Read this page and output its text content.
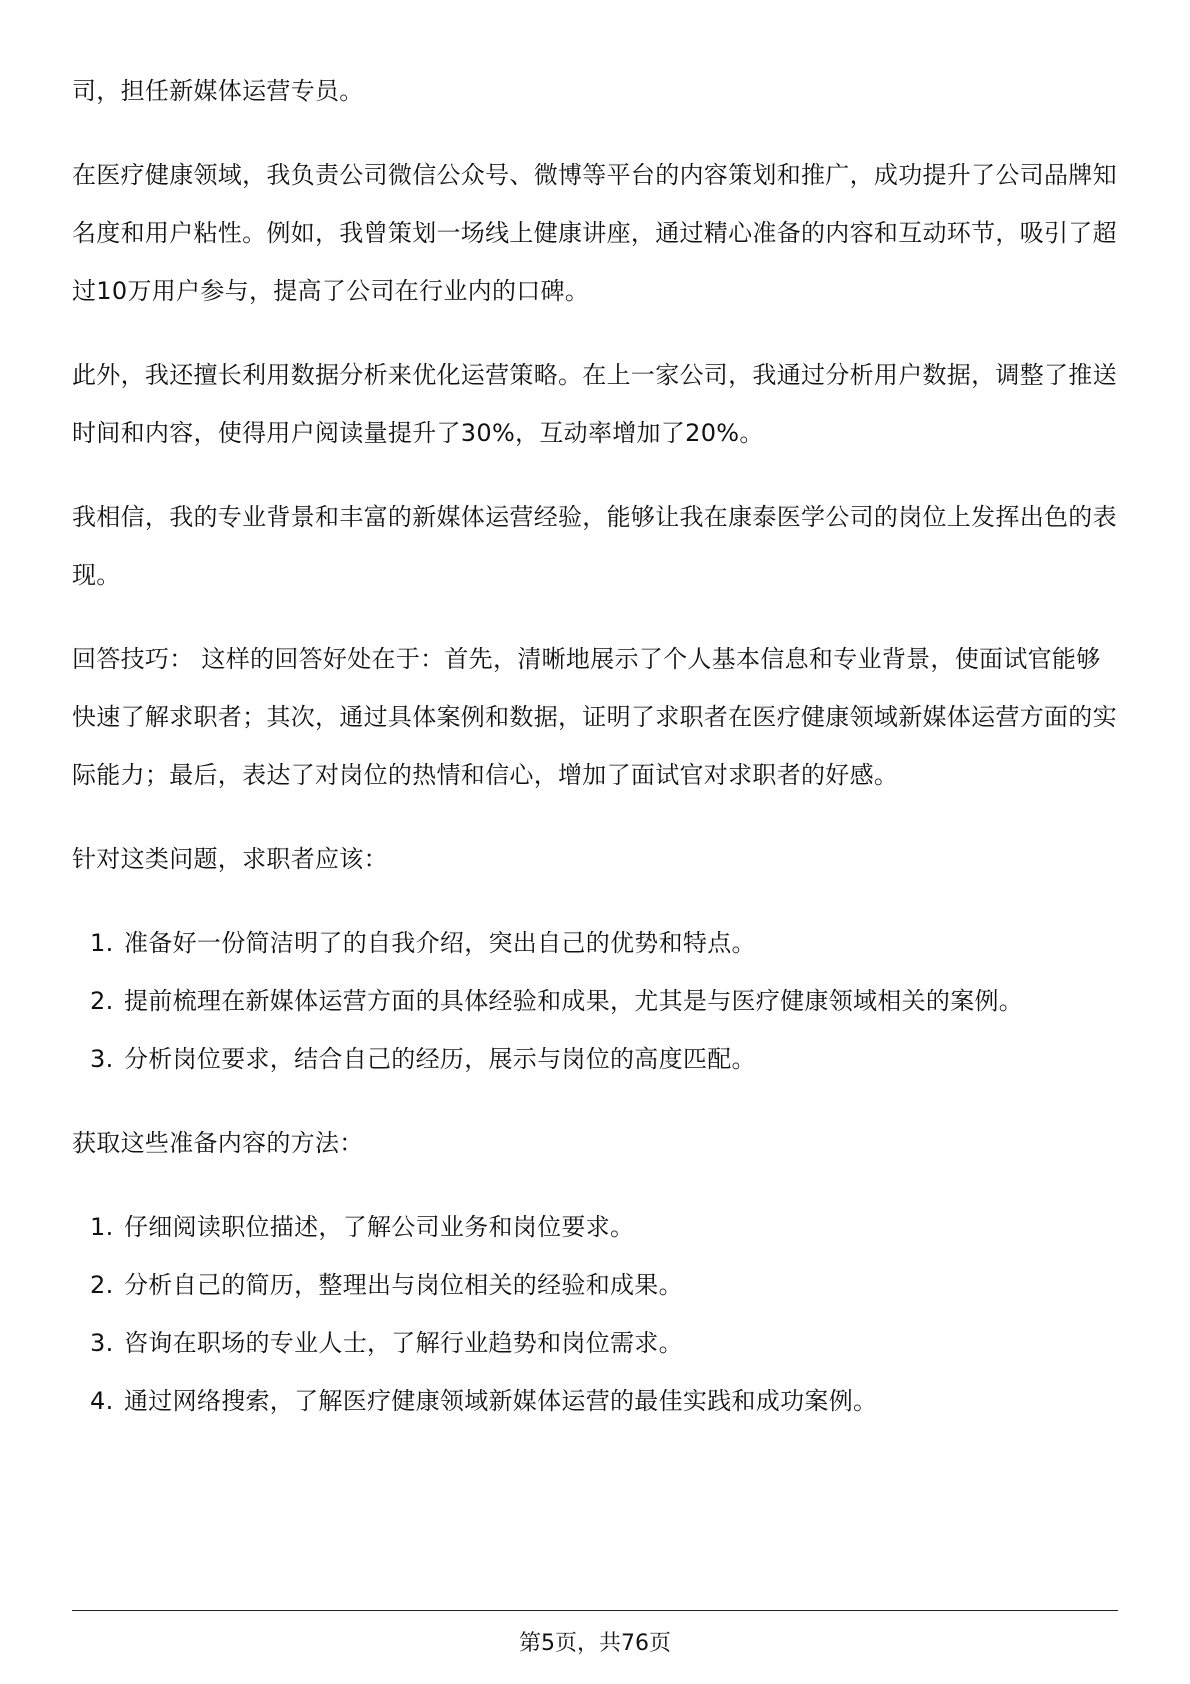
司，担任新媒体运营专员。

在医疗健康领域，我负责公司微信公众号、微博等平台的内容策划和推广，成功提升了公司品牌知名度和用户粘性。例如，我曾策划一场线上健康讲座，通过精心准备的内容和互动环节，吸引了超过10万用户参与，提高了公司在行业内的口碑。

此外，我还擅长利用数据分析来优化运营策略。在上一家公司，我通过分析用户数据，调整了推送时间和内容，使得用户阅读量提升了30%，互动率增加了20%。

我相信，我的专业背景和丰富的新媒体运营经验，能够让我在康泰医学公司的岗位上发挥出色的表现。

回答技巧： 这样的回答好处在于：首先，清晰地展示了个人基本信息和专业背景，使面试官能够快速了解求职者；其次，通过具体案例和数据，证明了求职者在医疗健康领域新媒体运营方面的实际能力；最后，表达了对岗位的热情和信心，增加了面试官对求职者的好感。

针对这类问题，求职者应该：

1. 准备好一份简洁明了的自我介绍，突出自己的优势和特点。
2. 提前梳理在新媒体运营方面的具体经验和成果，尤其是与医疗健康领域相关的案例。
3. 分析岗位要求，结合自己的经历，展示与岗位的高度匹配。

获取这些准备内容的方法：

1. 仔细阅读职位描述，了解公司业务和岗位要求。
2. 分析自己的简历，整理出与岗位相关的经验和成果。
3. 咨询在职场的专业人士，了解行业趋势和岗位需求。
4. 通过网络搜索，了解医疗健康领域新媒体运营的最佳实践和成功案例。
第5页，共76页
